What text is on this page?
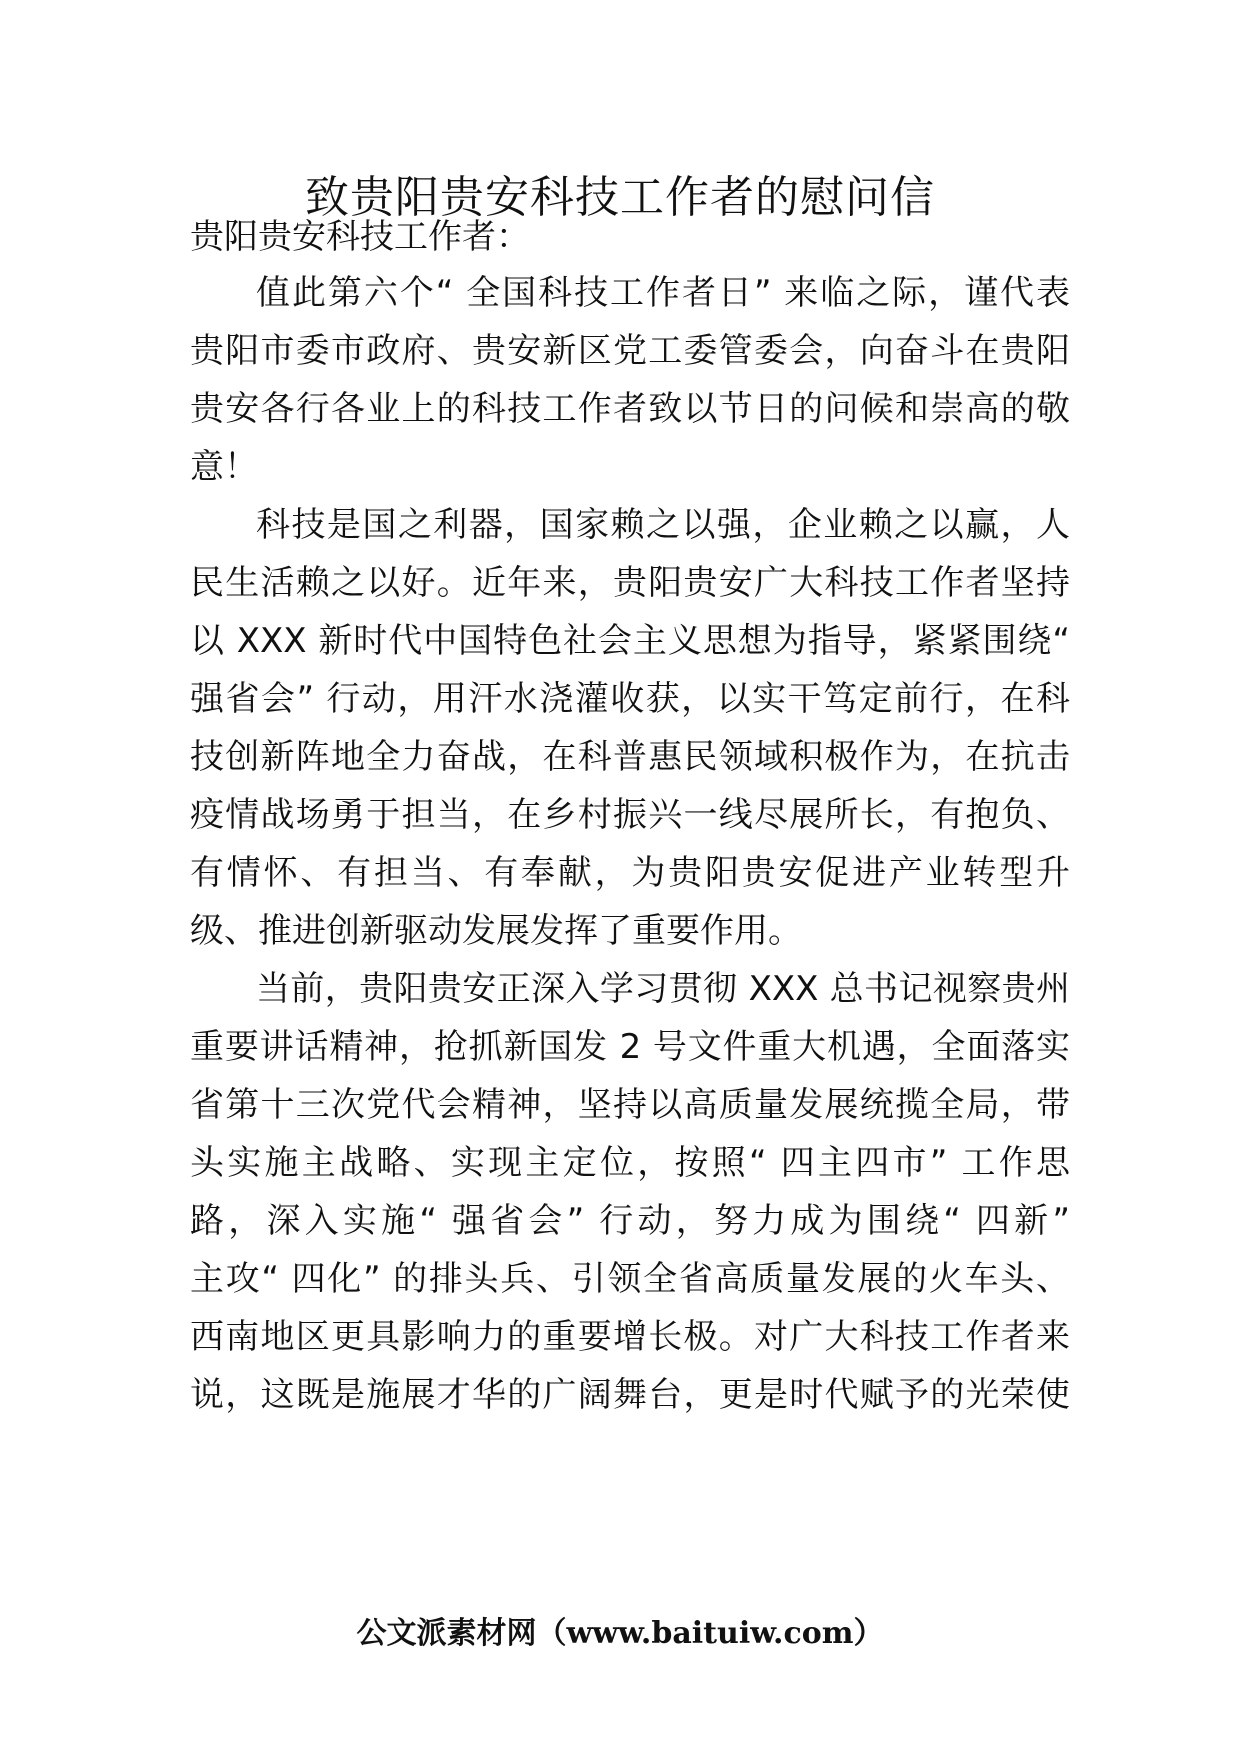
致贵阳贵安科技工作者的慰问信
贵阳贵安科技工作者：
值此第六个“ 全国科技工作者日” 来临之际，谨代表
贵阳市委市政府、贵安新区党工委管委会，向奋斗在贵阳
贵安各行各业上的科技工作者致以节日的问候和崇高的敬
意！
科技是国之利器，国家赖之以强，企业赖之以赢，人
民生活赖之以好。近年来，贵阳贵安广大科技工作者坚持
以 XXX 新时代中国特色社会主义思想为指导，紧紧围绕“
强省会” 行动，用汗水浇灌收获，以实干笃定前行，在科
技创新阵地全力奋战，在科普惠民领域积极作为，在抗击
疫情战场勇于担当，在乡村振兴一线尽展所长，有抱负、
有情怀、有担当、有奉献，为贵阳贵安促进产业转型升
级、推进创新驱动发展发挥了重要作用。
当前，贵阳贵安正深入学习贯彻 XXX 总书记视察贵州
重要讲话精神，抢抓新国发 2 号文件重大机遇，全面落实
省第十三次党代会精神，坚持以高质量发展统揽全局，带
头实施主战略、实现主定位，按照“ 四主四市” 工作思
路，深入实施“ 强省会” 行动，努力成为围绕“ 四新”
主攻“ 四化” 的排头兵、引领全省高质量发展的火车头、
西南地区更具影响力的重要增长极。对广大科技工作者来
说，这既是施展才华的广阔舞台，更是时代赋予的光荣使
公文派素材网（www.baituiw.com）
